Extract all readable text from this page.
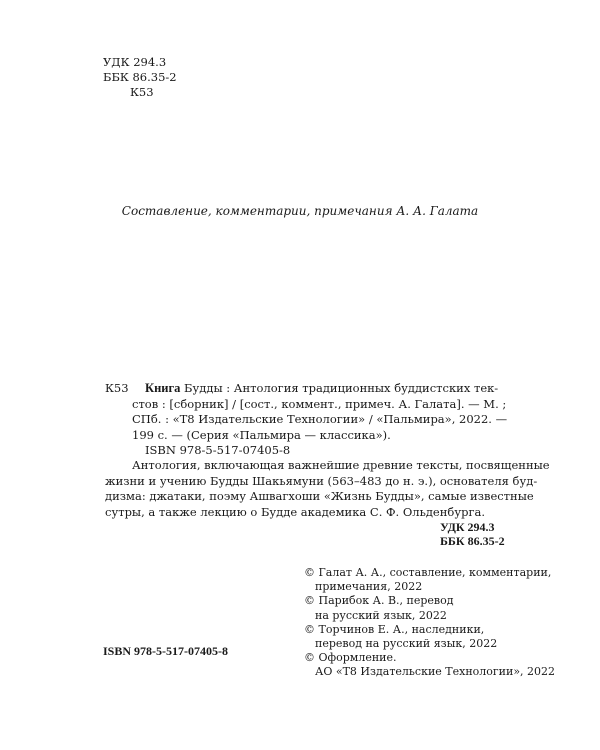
УДК 294.3
ББК 86.35-2
К53
Составление, комментарии, примечания А. А. Галата
К53 Книга Будды : Антология традиционных буддистских тек-
стов : [сборник] / [сост., коммент., примеч. А. Галата]. — М. ;
СПб. : «Т8 Издательские Технологии» / «Пальмира», 2022. —
199 с. — (Серия «Пальмира — классика»).
ISBN 978-5-517-07405-8
Антология, включающая важнейшие древние тексты, посвященные
жизни и учению Будды Шакьямуни (563–483 до н. э.), основателя буд-
дизма: джатаки, поэму Ашвагхоши «Жизнь Будды», самые известные
сутры, а также лекцию о Будде академика С. Ф. Ольденбурга.
УДК 294.3
ББК 86.35-2
© Галат А. А., составление, комментарии,
примечания, 2022
© Парибок А. В., перевод
на русский язык, 2022
© Торчинов Е. А., наследники,
перевод на русский язык, 2022
© Оформление.
АО «Т8 Издательские Технологии», 2022
ISBN 978-5-517-07405-8
